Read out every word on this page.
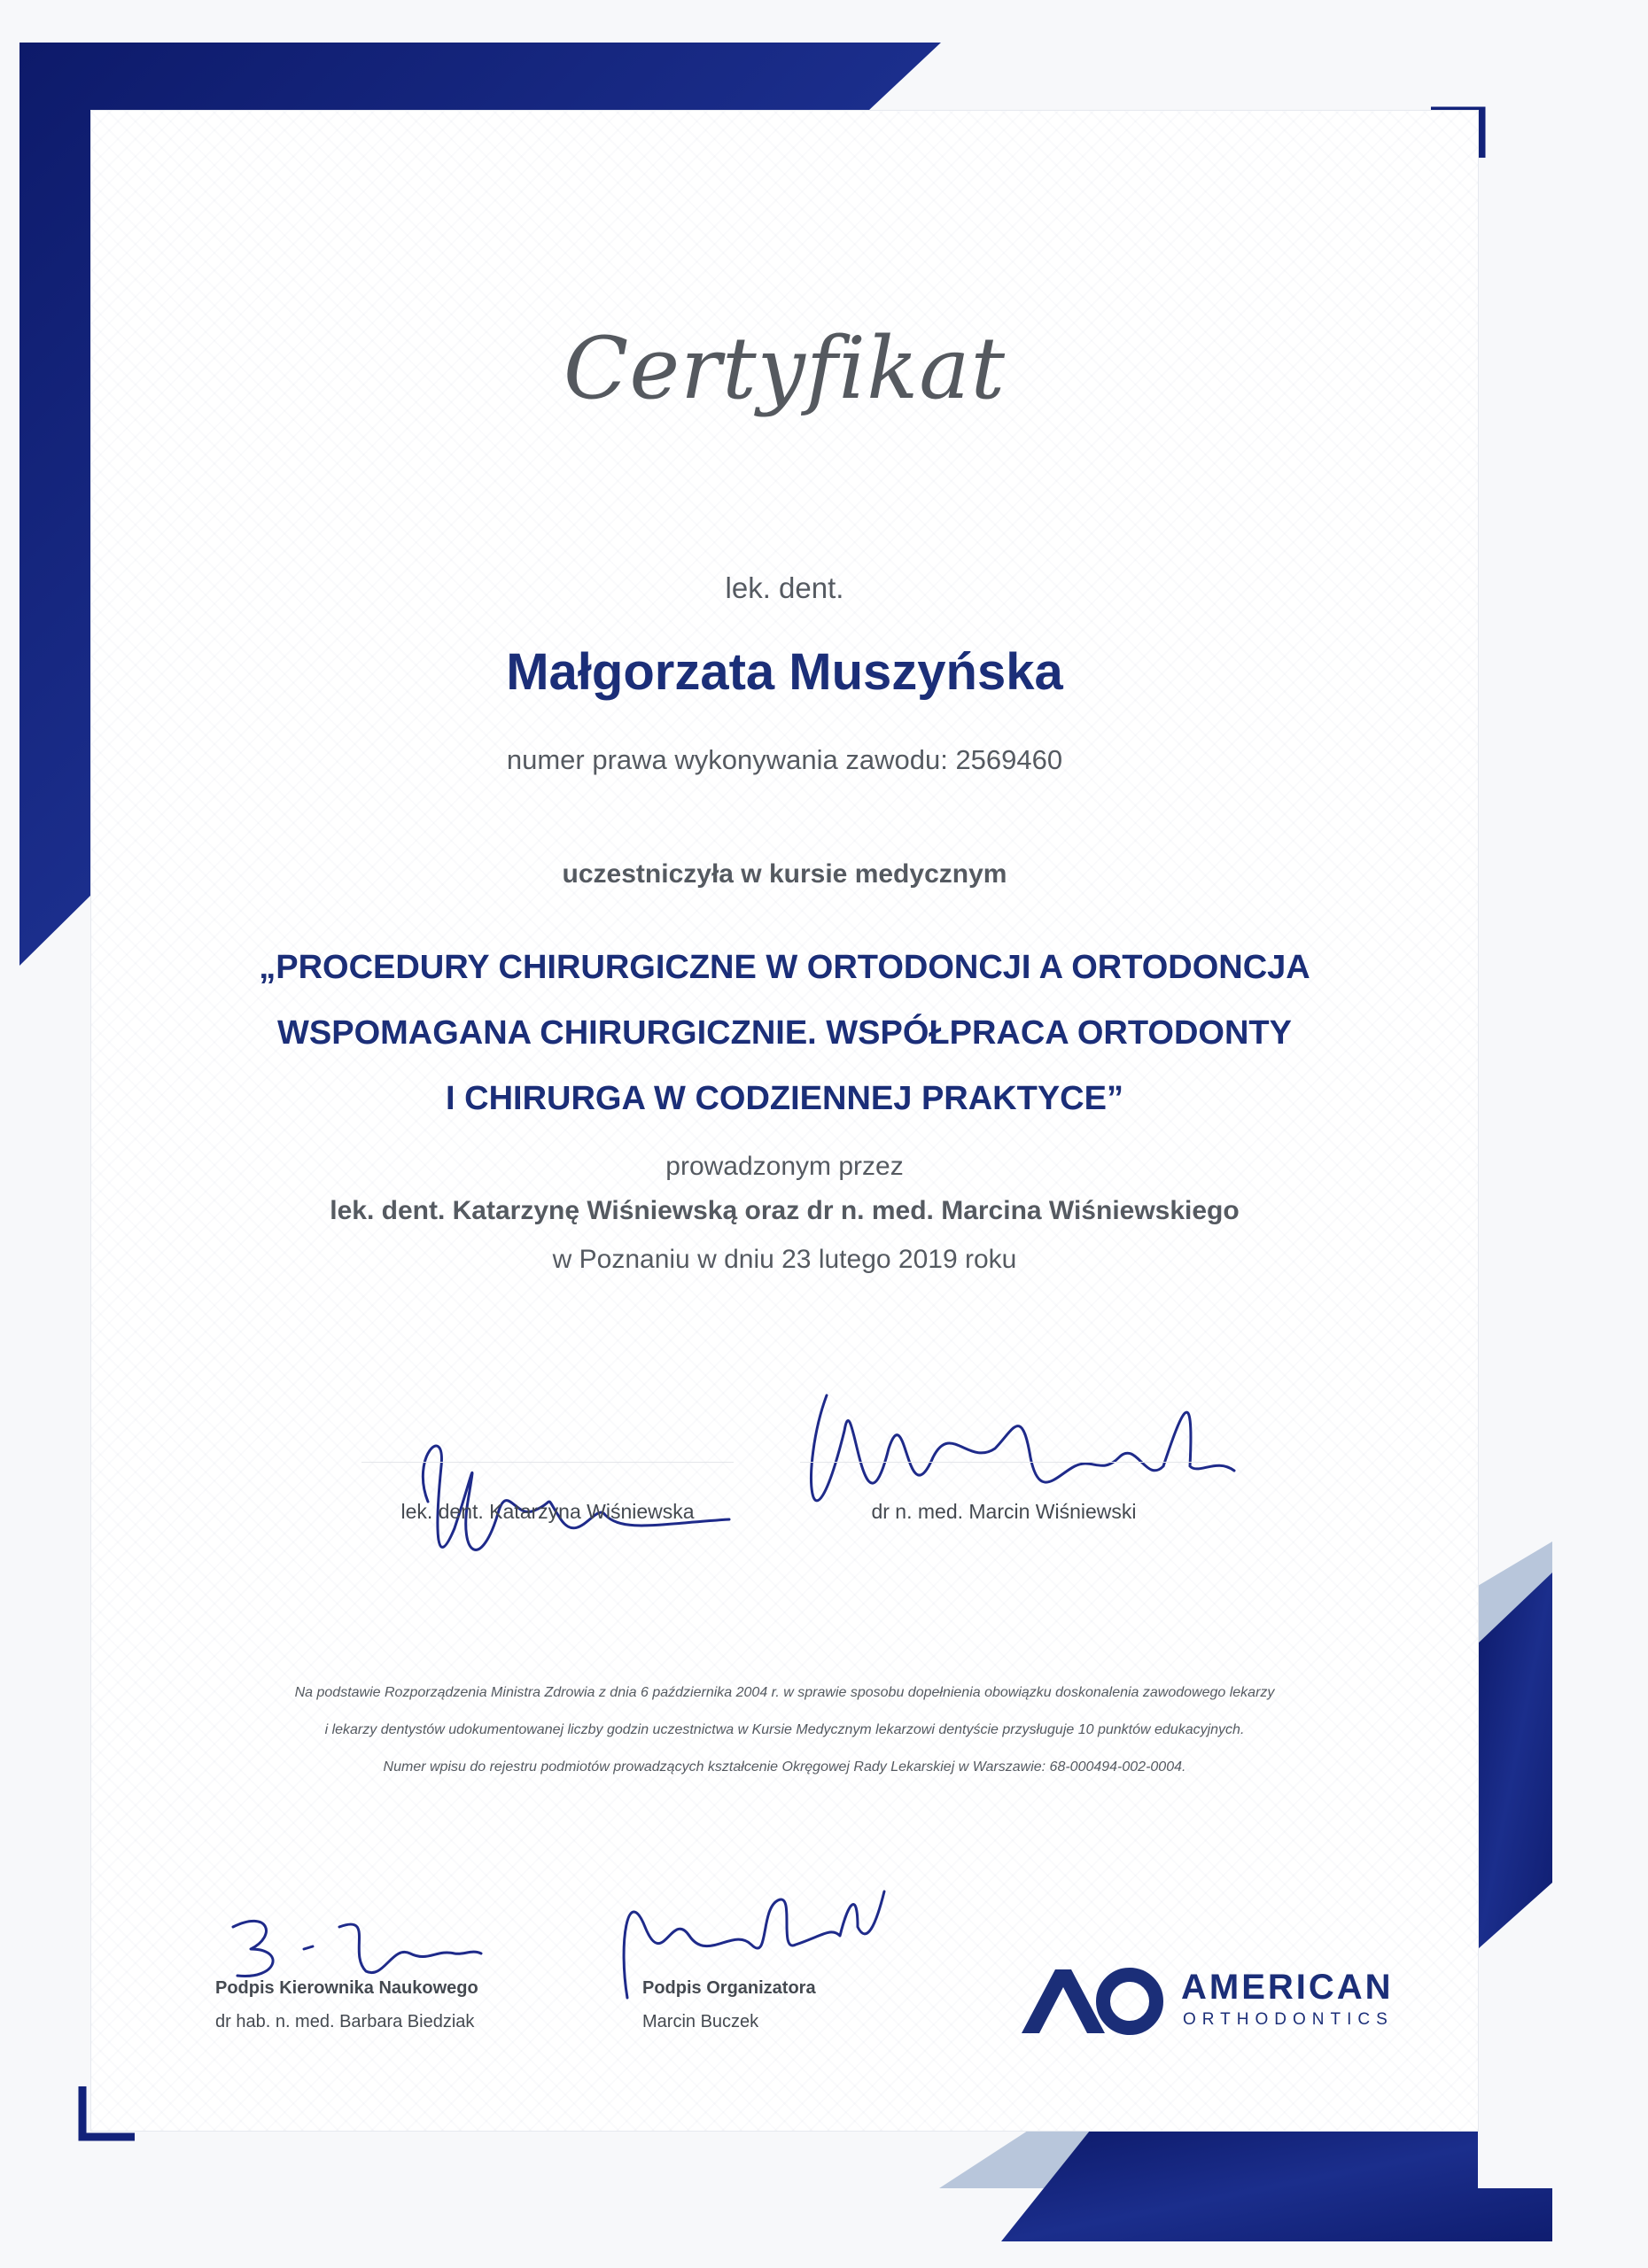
Certyfikat
lek. dent.
Małgorzata Muszyńska
numer prawa wykonywania zawodu: 2569460
uczestniczyła w kursie medycznym
„PROCEDURY CHIRURGICZNE W ORTODONCJI A ORTODONCJA
WSPOMAGANA CHIRURGICZNIE. WSPÓŁPRACA ORTODONTY
I CHIRURGA W CODZIENNEJ PRAKTYCE”
prowadzonym przez
lek. dent. Katarzynę Wiśniewską oraz dr n. med. Marcina Wiśniewskiego
w Poznaniu w dniu 23 lutego 2019 roku
lek. dent. Katarzyna Wiśniewska	dr n. med. Marcin Wiśniewski
Na podstawie Rozporządzenia Ministra Zdrowia z dnia 6 października 2004 r. w sprawie sposobu dopełnienia obowiązku doskonalenia zawodowego lekarzy
i lekarzy dentystów udokumentowanej liczby godzin uczestnictwa w Kursie Medycznym lekarzowi dentyście przysługuje 10 punktów edukacyjnych.
Numer wpisu do rejestru podmiotów prowadzących kształcenie Okręgowej Rady Lekarskiej w Warszawie: 68-000494-002-0004.
Podpis Kierownika Naukowego
dr hab. n. med. Barbara Biedziak
Podpis Organizatora
Marcin Buczek
AMERICAN
ORTHODONTICS
